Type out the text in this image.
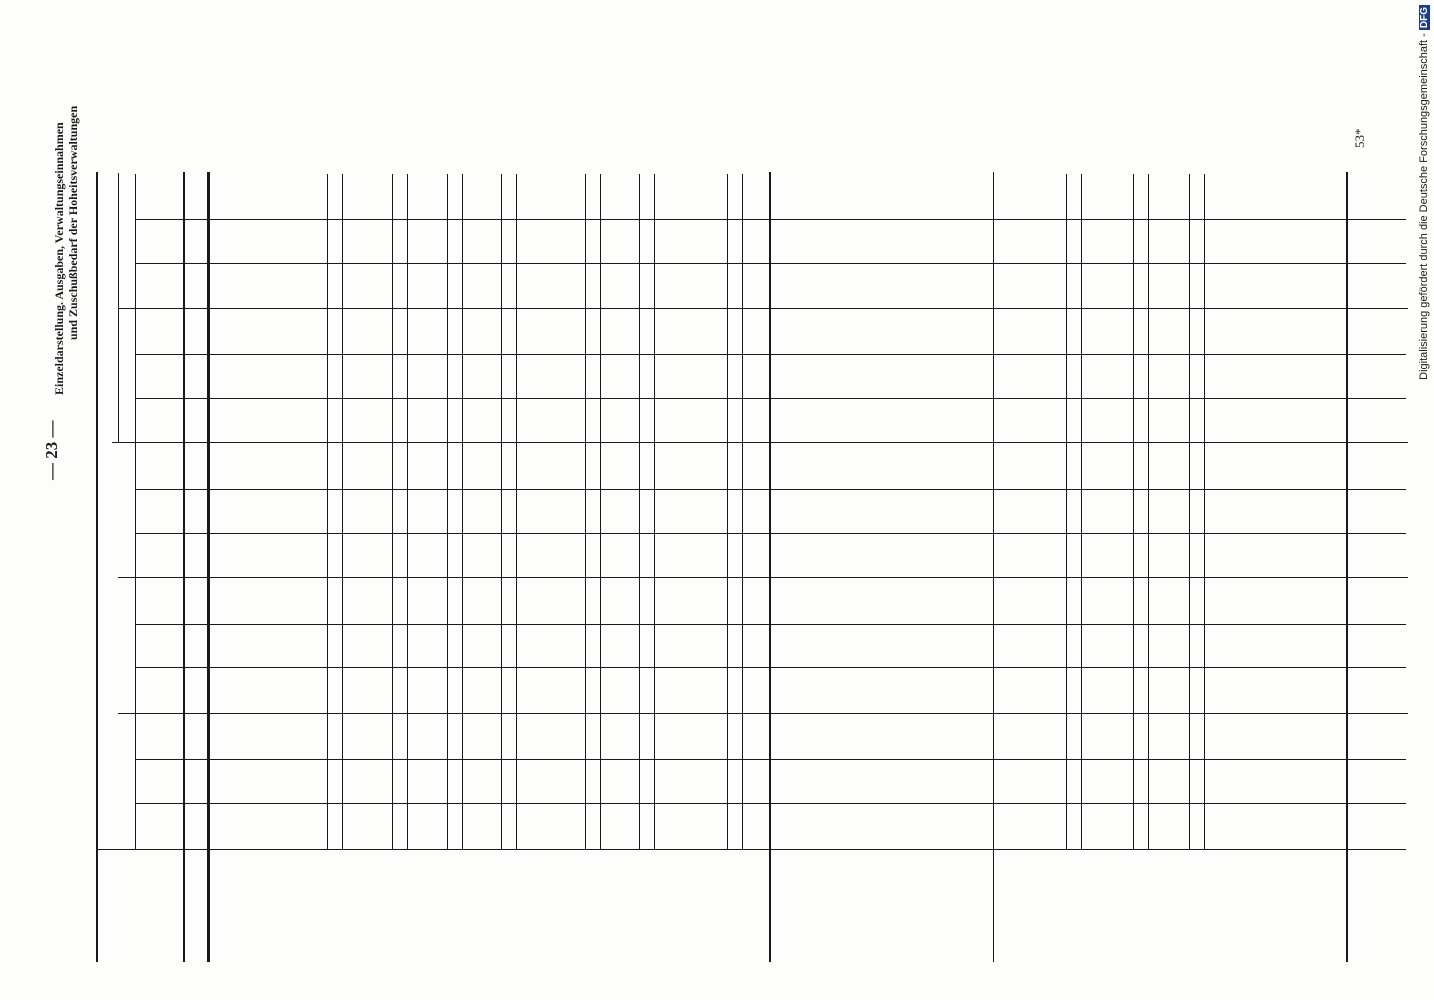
— 23 —
Einzeldarstellung. Ausgaben, Verwaltungseinnahmen und Zuschußbedarf der Hoheitsverwaltungen	53*	Digitalisierung gefördert durch die Deutsche Forschungsgemeinschaft - DFG
